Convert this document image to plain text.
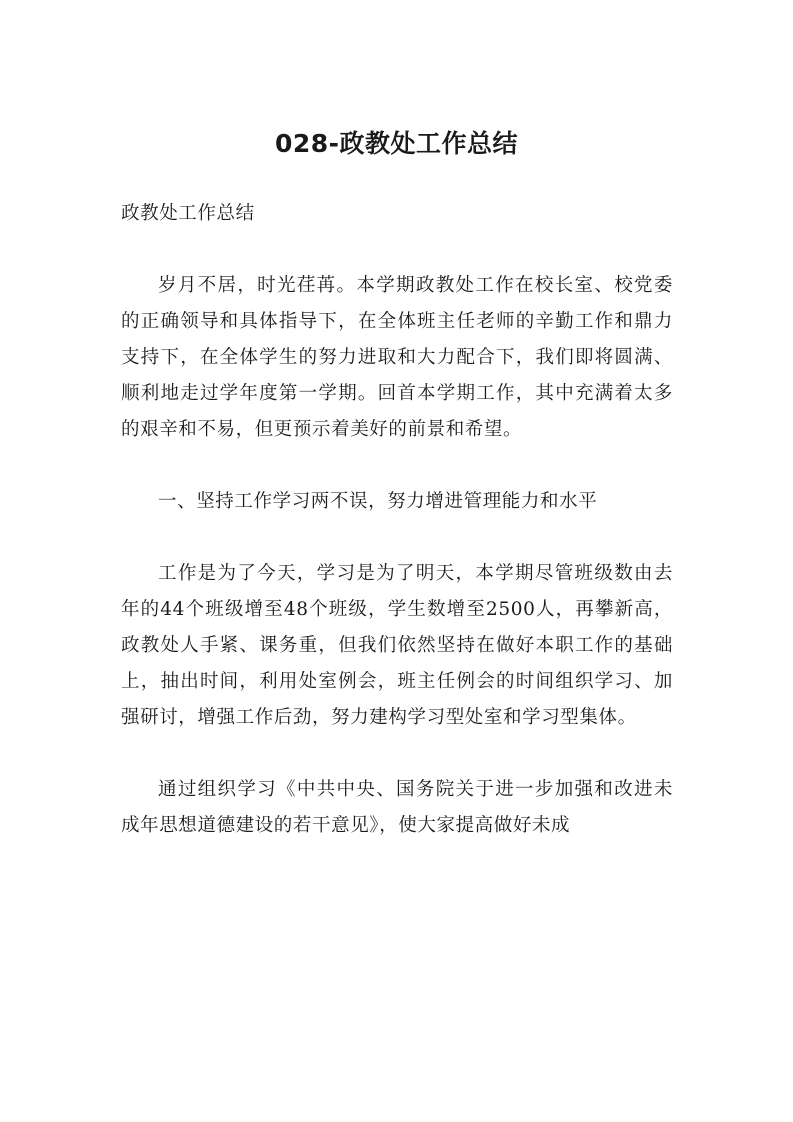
028-政教处工作总结

政教处工作总结

岁月不居，时光荏苒。本学期政教处工作在校长室、校党委的正确领导和具体指导下，在全体班主任老师的辛勤工作和鼎力支持下，在全体学生的努力进取和大力配合下，我们即将圆满、顺利地走过学年度第一学期。回首本学期工作，其中充满着太多的艰辛和不易，但更预示着美好的前景和希望。

一、坚持工作学习两不误，努力增进管理能力和水平

工作是为了今天，学习是为了明天，本学期尽管班级数由去年的44个班级增至48个班级，学生数增至2500人，再攀新高，政教处人手紧、课务重，但我们依然坚持在做好本职工作的基础上，抽出时间，利用处室例会，班主任例会的时间组织学习、加强研讨，增强工作后劲，努力建构学习型处室和学习型集体。

通过组织学习《中共中央、国务院关于进一步加强和改进未成年思想道德建设的若干意见》，使大家提高做好未成
